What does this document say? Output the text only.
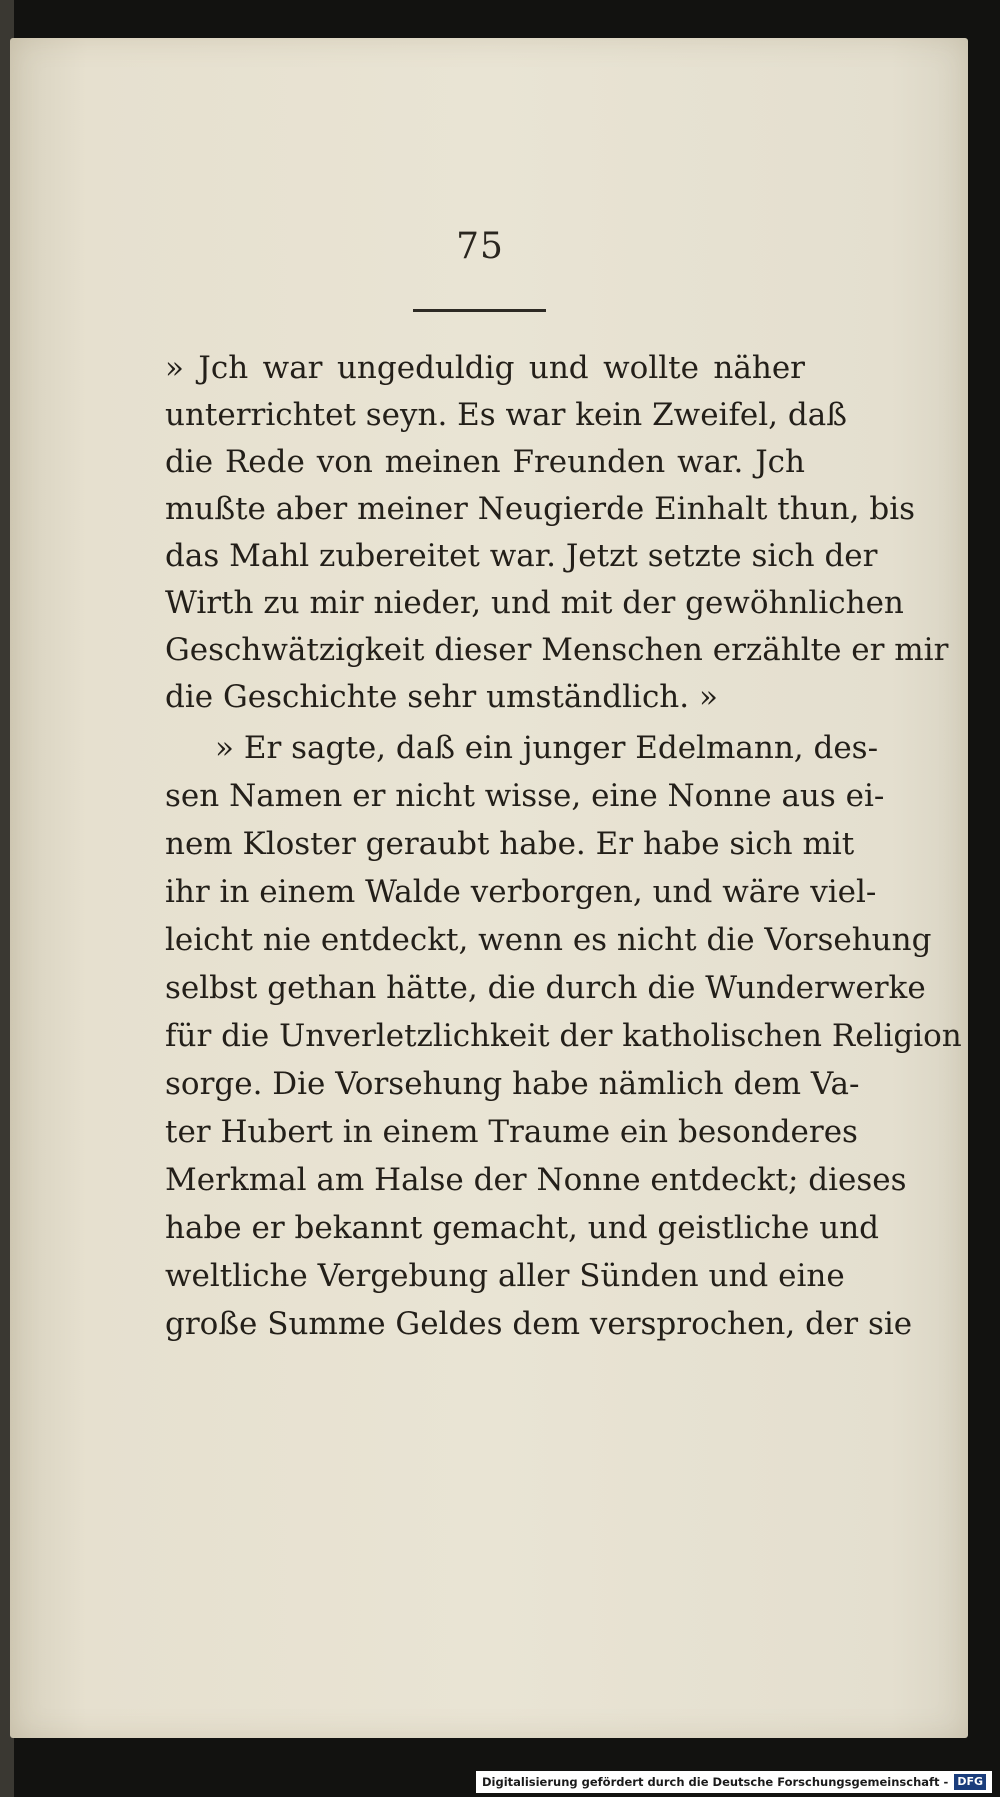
75
» Jch war ungeduldig und wollte näher
unterrichtet seyn. Es war kein Zweifel, daß
die Rede von meinen Freunden war. Jch
mußte aber meiner Neugierde Einhalt thun, bis
das Mahl zubereitet war. Jetzt setzte sich der
Wirth zu mir nieder, und mit der gewöhnlichen
Geschwätzigkeit dieser Menschen erzählte er mir
die Geschichte sehr umständlich. »
» Er sagte, daß ein junger Edelmann, des-
sen Namen er nicht wisse, eine Nonne aus ei-
nem Kloster geraubt habe. Er habe sich mit
ihr in einem Walde verborgen, und wäre viel-
leicht nie entdeckt, wenn es nicht die Vorsehung
selbst gethan hätte, die durch die Wunderwerke
für die Unverletzlichkeit der katholischen Religion
sorge. Die Vorsehung habe nämlich dem Va-
ter Hubert in einem Traume ein besonderes
Merkmal am Halse der Nonne entdeckt; dieses
habe er bekannt gemacht, und geistliche und
weltliche Vergebung aller Sünden und eine
große Summe Geldes dem versprochen, der sie
Digitalisierung gefördert durch die Deutsche Forschungsgemeinschaft - DFG
